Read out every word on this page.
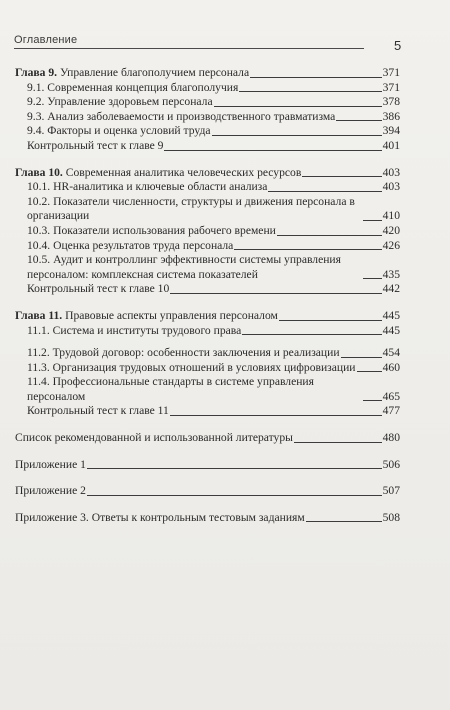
Оглавление	5
Глава 9. Управление благополучием персонала	371
9.1. Современная концепция благополучия	371
9.2. Управление здоровьем персонала	378
9.3. Анализ заболеваемости и производственного травматизма	386
9.4. Факторы и оценка условий труда	394
Контрольный тест к главе 9	401
Глава 10. Современная аналитика человеческих ресурсов	403
10.1. HR-аналитика и ключевые области анализа	403
10.2. Показатели численности, структуры и движения персонала в организации	410
10.3. Показатели использования рабочего времени	420
10.4. Оценка результатов труда персонала	426
10.5. Аудит и контроллинг эффективности системы управления персоналом: комплексная система показателей	435
Контрольный тест к главе 10	442
Глава 11. Правовые аспекты управления персоналом	445
11.1. Система и институты трудового права	445
11.2. Трудовой договор: особенности заключения и реализации	454
11.3. Организация трудовых отношений в условиях цифровизации 460
11.4. Профессиональные стандарты в системе управления персоналом	465
Контрольный тест к главе 11	477
Список рекомендованной и использованной литературы	480
Приложение 1	506
Приложение 2	507
Приложение 3. Ответы к контрольным тестовым заданиям	508
